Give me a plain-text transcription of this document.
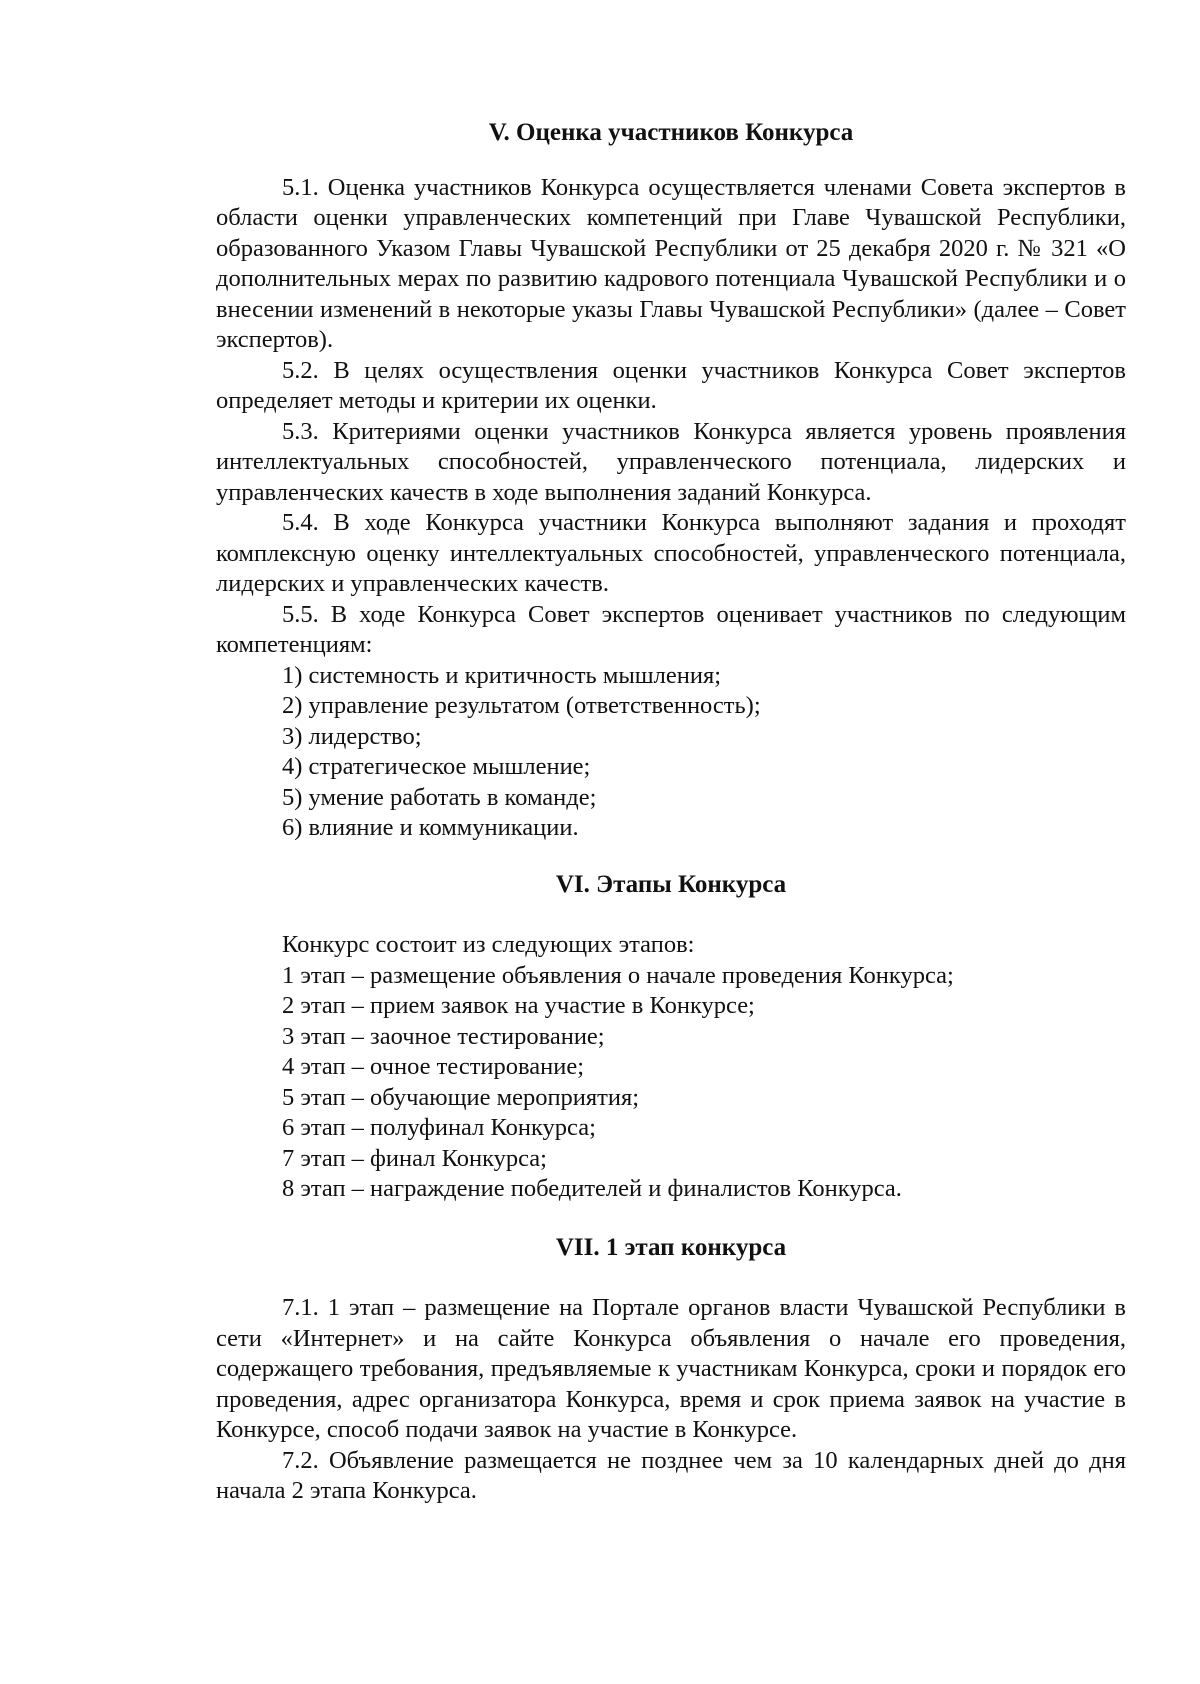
V. Оценка участников Конкурса

5.1. Оценка участников Конкурса осуществляется членами Совета экспертов в области оценки управленческих компетенций при Главе Чувашской Республики, образованного Указом Главы Чувашской Республики от 25 декабря 2020 г. № 321 «О дополнительных мерах по развитию кадрового потенциала Чувашской Республики и о внесении изменений в некоторые указы Главы Чувашской Республики» (далее – Совет экспертов).

5.2. В целях осуществления оценки участников Конкурса Совет экспертов определяет методы и критерии их оценки.

5.3. Критериями оценки участников Конкурса является уровень проявления интеллектуальных способностей, управленческого потенциала, лидерских и управленческих качеств в ходе выполнения заданий Конкурса.

5.4. В ходе Конкурса участники Конкурса выполняют задания и проходят комплексную оценку интеллектуальных способностей, управленческого потенциала, лидерских и управленческих качеств.

5.5. В ходе Конкурса Совет экспертов оценивает участников по следующим компетенциям:

1) системность и критичность мышления;

2) управление результатом (ответственность);

3) лидерство;

4) стратегическое мышление;

5) умение работать в команде;

6) влияние и коммуникации.

VI. Этапы Конкурса

Конкурс состоит из следующих этапов:

1 этап – размещение объявления о начале проведения Конкурса;

2 этап – прием заявок на участие в Конкурсе;

3 этап – заочное тестирование;

4 этап – очное тестирование;

5 этап – обучающие мероприятия;

6 этап – полуфинал Конкурса;

7 этап – финал Конкурса;

8 этап – награждение победителей и финалистов Конкурса.

VII. 1 этап конкурса

7.1. 1 этап – размещение на Портале органов власти Чувашской Республики в сети «Интернет» и на сайте Конкурса объявления о начале его проведения, содержащего требования, предъявляемые к участникам Конкурса, сроки и порядок его проведения, адрес организатора Конкурса, время и срок приема заявок на участие в Конкурсе, способ подачи заявок на участие в Конкурсе.

7.2. Объявление размещается не позднее чем за 10 календарных дней до дня начала 2 этапа Конкурса.
